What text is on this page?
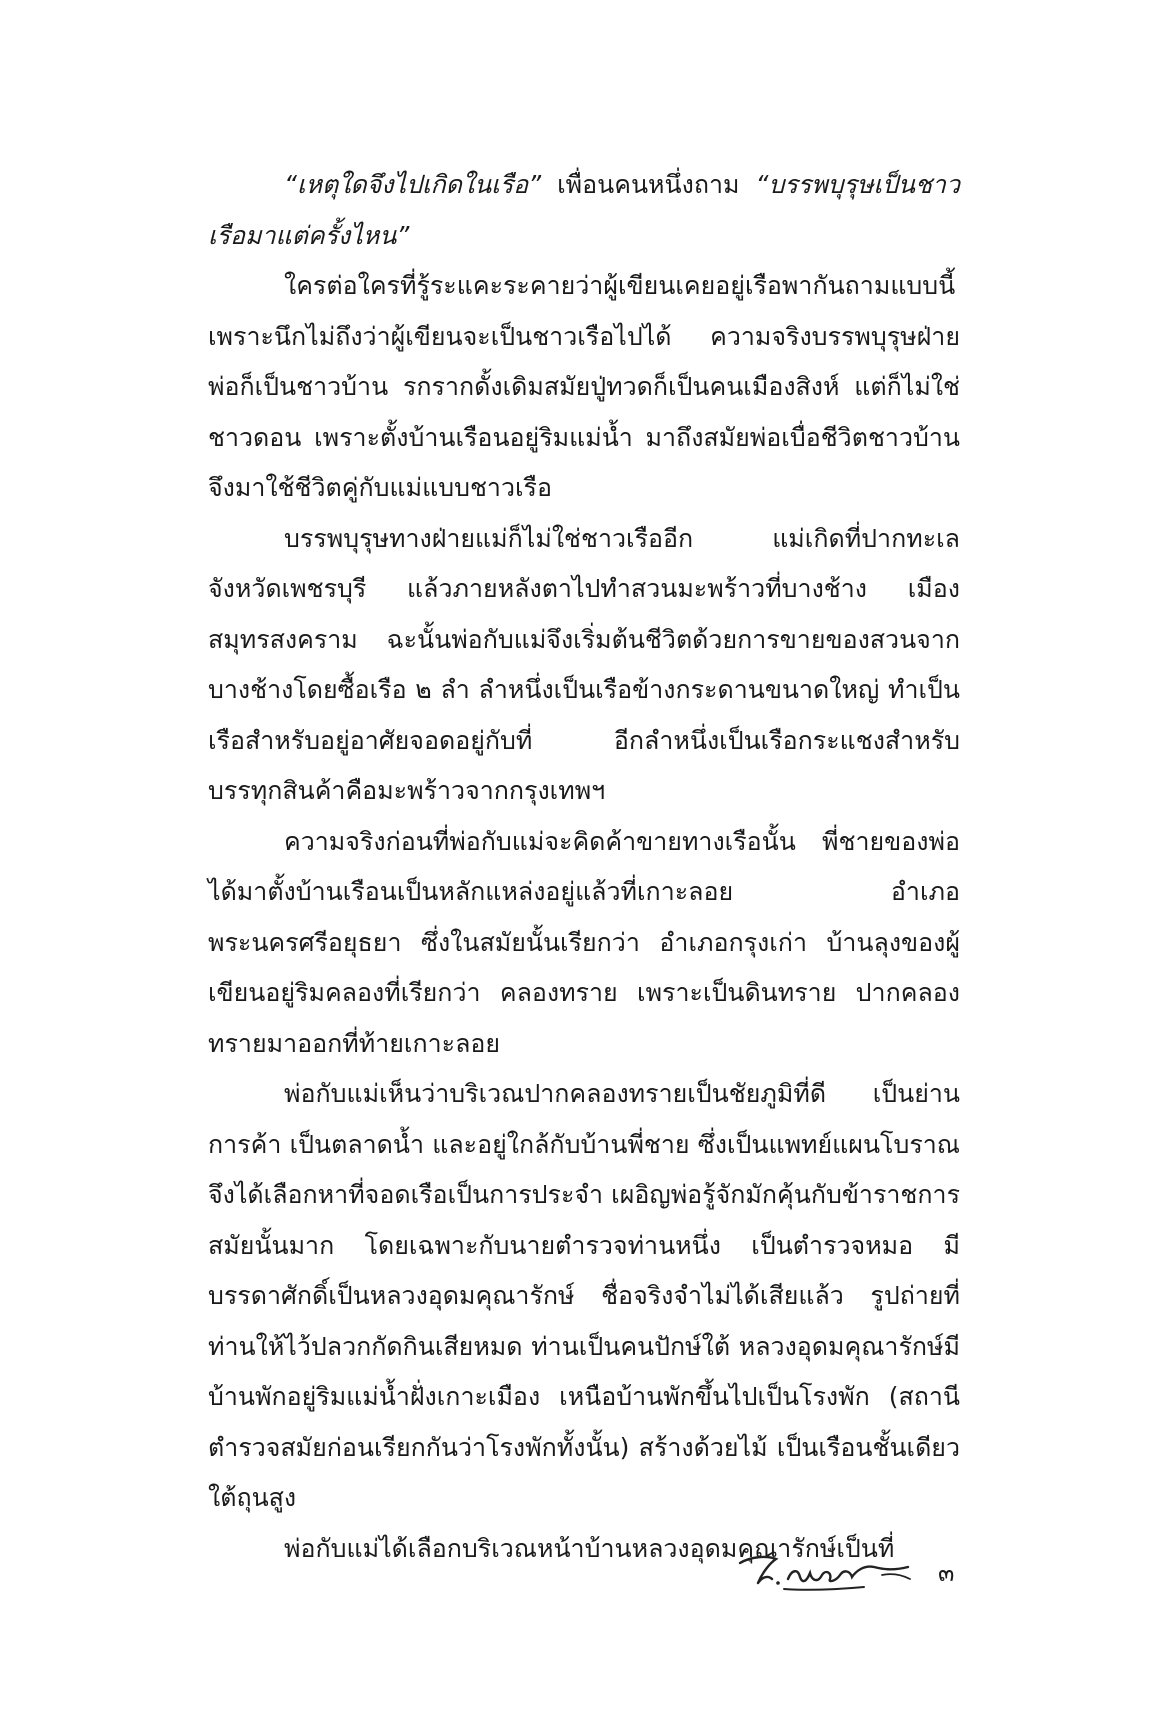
“เหตุใดจึงไปเกิดในเรือ” เพื่อนคนหนึ่งถาม “บรรพบุรุษเป็นชาวเรือมาแต่ครั้งไหน”

ใครต่อใครที่รู้ระแคะระคายว่าผู้เขียนเคยอยู่เรือพากันถามแบบนี้ เพราะนึกไม่ถึงว่าผู้เขียนจะเป็นชาวเรือไปได้ ความจริงบรรพบุรุษฝ่ายพ่อก็เป็นชาวบ้าน รกรากดั้งเดิมสมัยปู่ทวดก็เป็นคนเมืองสิงห์ แต่ก็ไม่ใช่ชาวดอน เพราะตั้งบ้านเรือนอยู่ริมแม่น้ำ มาถึงสมัยพ่อเบื่อชีวิตชาวบ้านจึงมาใช้ชีวิตคู่กับแม่แบบชาวเรือ

บรรพบุรุษทางฝ่ายแม่ก็ไม่ใช่ชาวเรืออีก แม่เกิดที่ปากทะเลจังหวัดเพชรบุรี แล้วภายหลังตาไปทำสวนมะพร้าวที่บางช้าง เมืองสมุทรสงคราม ฉะนั้นพ่อกับแม่จึงเริ่มต้นชีวิตด้วยการขายของสวนจากบางช้างโดยซื้อเรือ ๒ ลำ ลำหนึ่งเป็นเรือข้างกระดานขนาดใหญ่ ทำเป็นเรือสำหรับอยู่อาศัยจอดอยู่กับที่ อีกลำหนึ่งเป็นเรือกระแชงสำหรับบรรทุกสินค้าคือมะพร้าวจากกรุงเทพฯ

ความจริงก่อนที่พ่อกับแม่จะคิดค้าขายทางเรือนั้น พี่ชายของพ่อได้มาตั้งบ้านเรือนเป็นหลักแหล่งอยู่แล้วที่เกาะลอย อำเภอพระนครศรีอยุธยา ซึ่งในสมัยนั้นเรียกว่า อำเภอกรุงเก่า บ้านลุงของผู้เขียนอยู่ริมคลองที่เรียกว่า คลองทราย เพราะเป็นดินทราย ปากคลองทรายมาออกที่ท้ายเกาะลอย

พ่อกับแม่เห็นว่าบริเวณปากคลองทรายเป็นชัยภูมิที่ดี เป็นย่านการค้า เป็นตลาดน้ำ และอยู่ใกล้กับบ้านพี่ชาย ซึ่งเป็นแพทย์แผนโบราณ จึงได้เลือกหาที่จอดเรือเป็นการประจำ เผอิญพ่อรู้จักมักคุ้นกับข้าราชการสมัยนั้นมาก โดยเฉพาะกับนายตำรวจท่านหนึ่ง เป็นตำรวจหมอ มีบรรดาศักดิ์เป็นหลวงอุดมคุณารักษ์ ชื่อจริงจำไม่ได้เสียแล้ว รูปถ่ายที่ท่านให้ไว้ปลวกกัดกินเสียหมด ท่านเป็นคนปักษ์ใต้ หลวงอุดมคุณารักษ์มีบ้านพักอยู่ริมแม่น้ำฝั่งเกาะเมือง เหนือบ้านพักขึ้นไปเป็นโรงพัก (สถานีตำรวจสมัยก่อนเรียกกันว่าโรงพักทั้งนั้น) สร้างด้วยไม้ เป็นเรือนชั้นเดียวใต้ถุนสูง

พ่อกับแม่ได้เลือกบริเวณหน้าบ้านหลวงอุดมคุณารักษ์เป็นที่

๓
